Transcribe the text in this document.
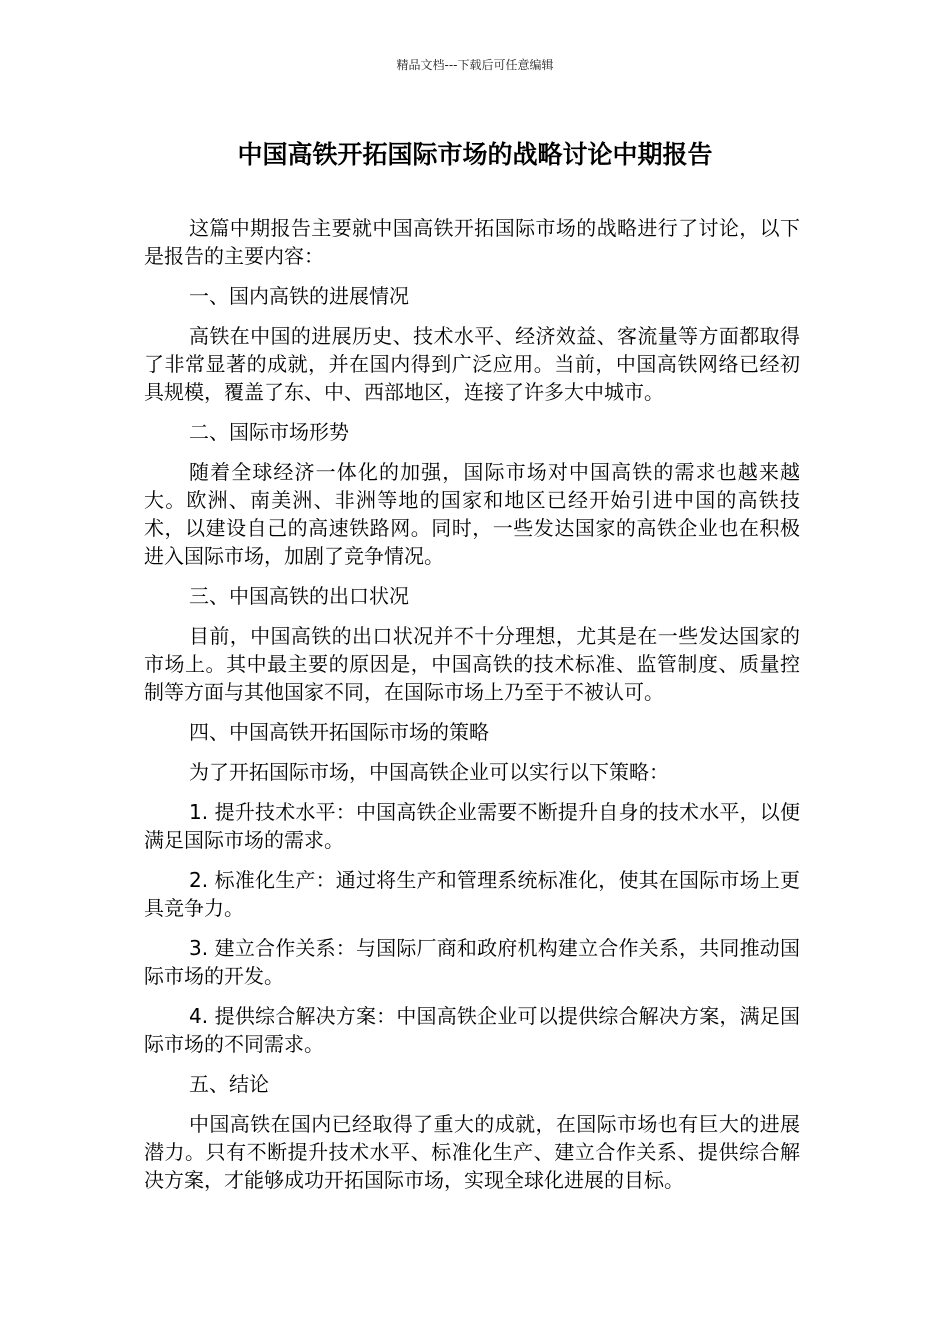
精品文档---下载后可任意编辑
中国高铁开拓国际市场的战略讨论中期报告

这篇中期报告主要就中国高铁开拓国际市场的战略进行了讨论，以下是报告的主要内容：

一、国内高铁的进展情况

高铁在中国的进展历史、技术水平、经济效益、客流量等方面都取得了非常显著的成就，并在国内得到广泛应用。当前，中国高铁网络已经初具规模，覆盖了东、中、西部地区，连接了许多大中城市。

二、国际市场形势

随着全球经济一体化的加强，国际市场对中国高铁的需求也越来越大。欧洲、南美洲、非洲等地的国家和地区已经开始引进中国的高铁技术，以建设自己的高速铁路网。同时，一些发达国家的高铁企业也在积极进入国际市场，加剧了竞争情况。

三、中国高铁的出口状况

目前，中国高铁的出口状况并不十分理想，尤其是在一些发达国家的市场上。其中最主要的原因是，中国高铁的技术标准、监管制度、质量控制等方面与其他国家不同，在国际市场上乃至于不被认可。

四、中国高铁开拓国际市场的策略

为了开拓国际市场，中国高铁企业可以实行以下策略：

1. 提升技术水平：中国高铁企业需要不断提升自身的技术水平，以便满足国际市场的需求。

2. 标准化生产：通过将生产和管理系统标准化，使其在国际市场上更具竞争力。

3. 建立合作关系：与国际厂商和政府机构建立合作关系，共同推动国际市场的开发。

4. 提供综合解决方案：中国高铁企业可以提供综合解决方案，满足国际市场的不同需求。

五、结论

中国高铁在国内已经取得了重大的成就，在国际市场也有巨大的进展潜力。只有不断提升技术水平、标准化生产、建立合作关系、提供综合解决方案，才能够成功开拓国际市场，实现全球化进展的目标。
